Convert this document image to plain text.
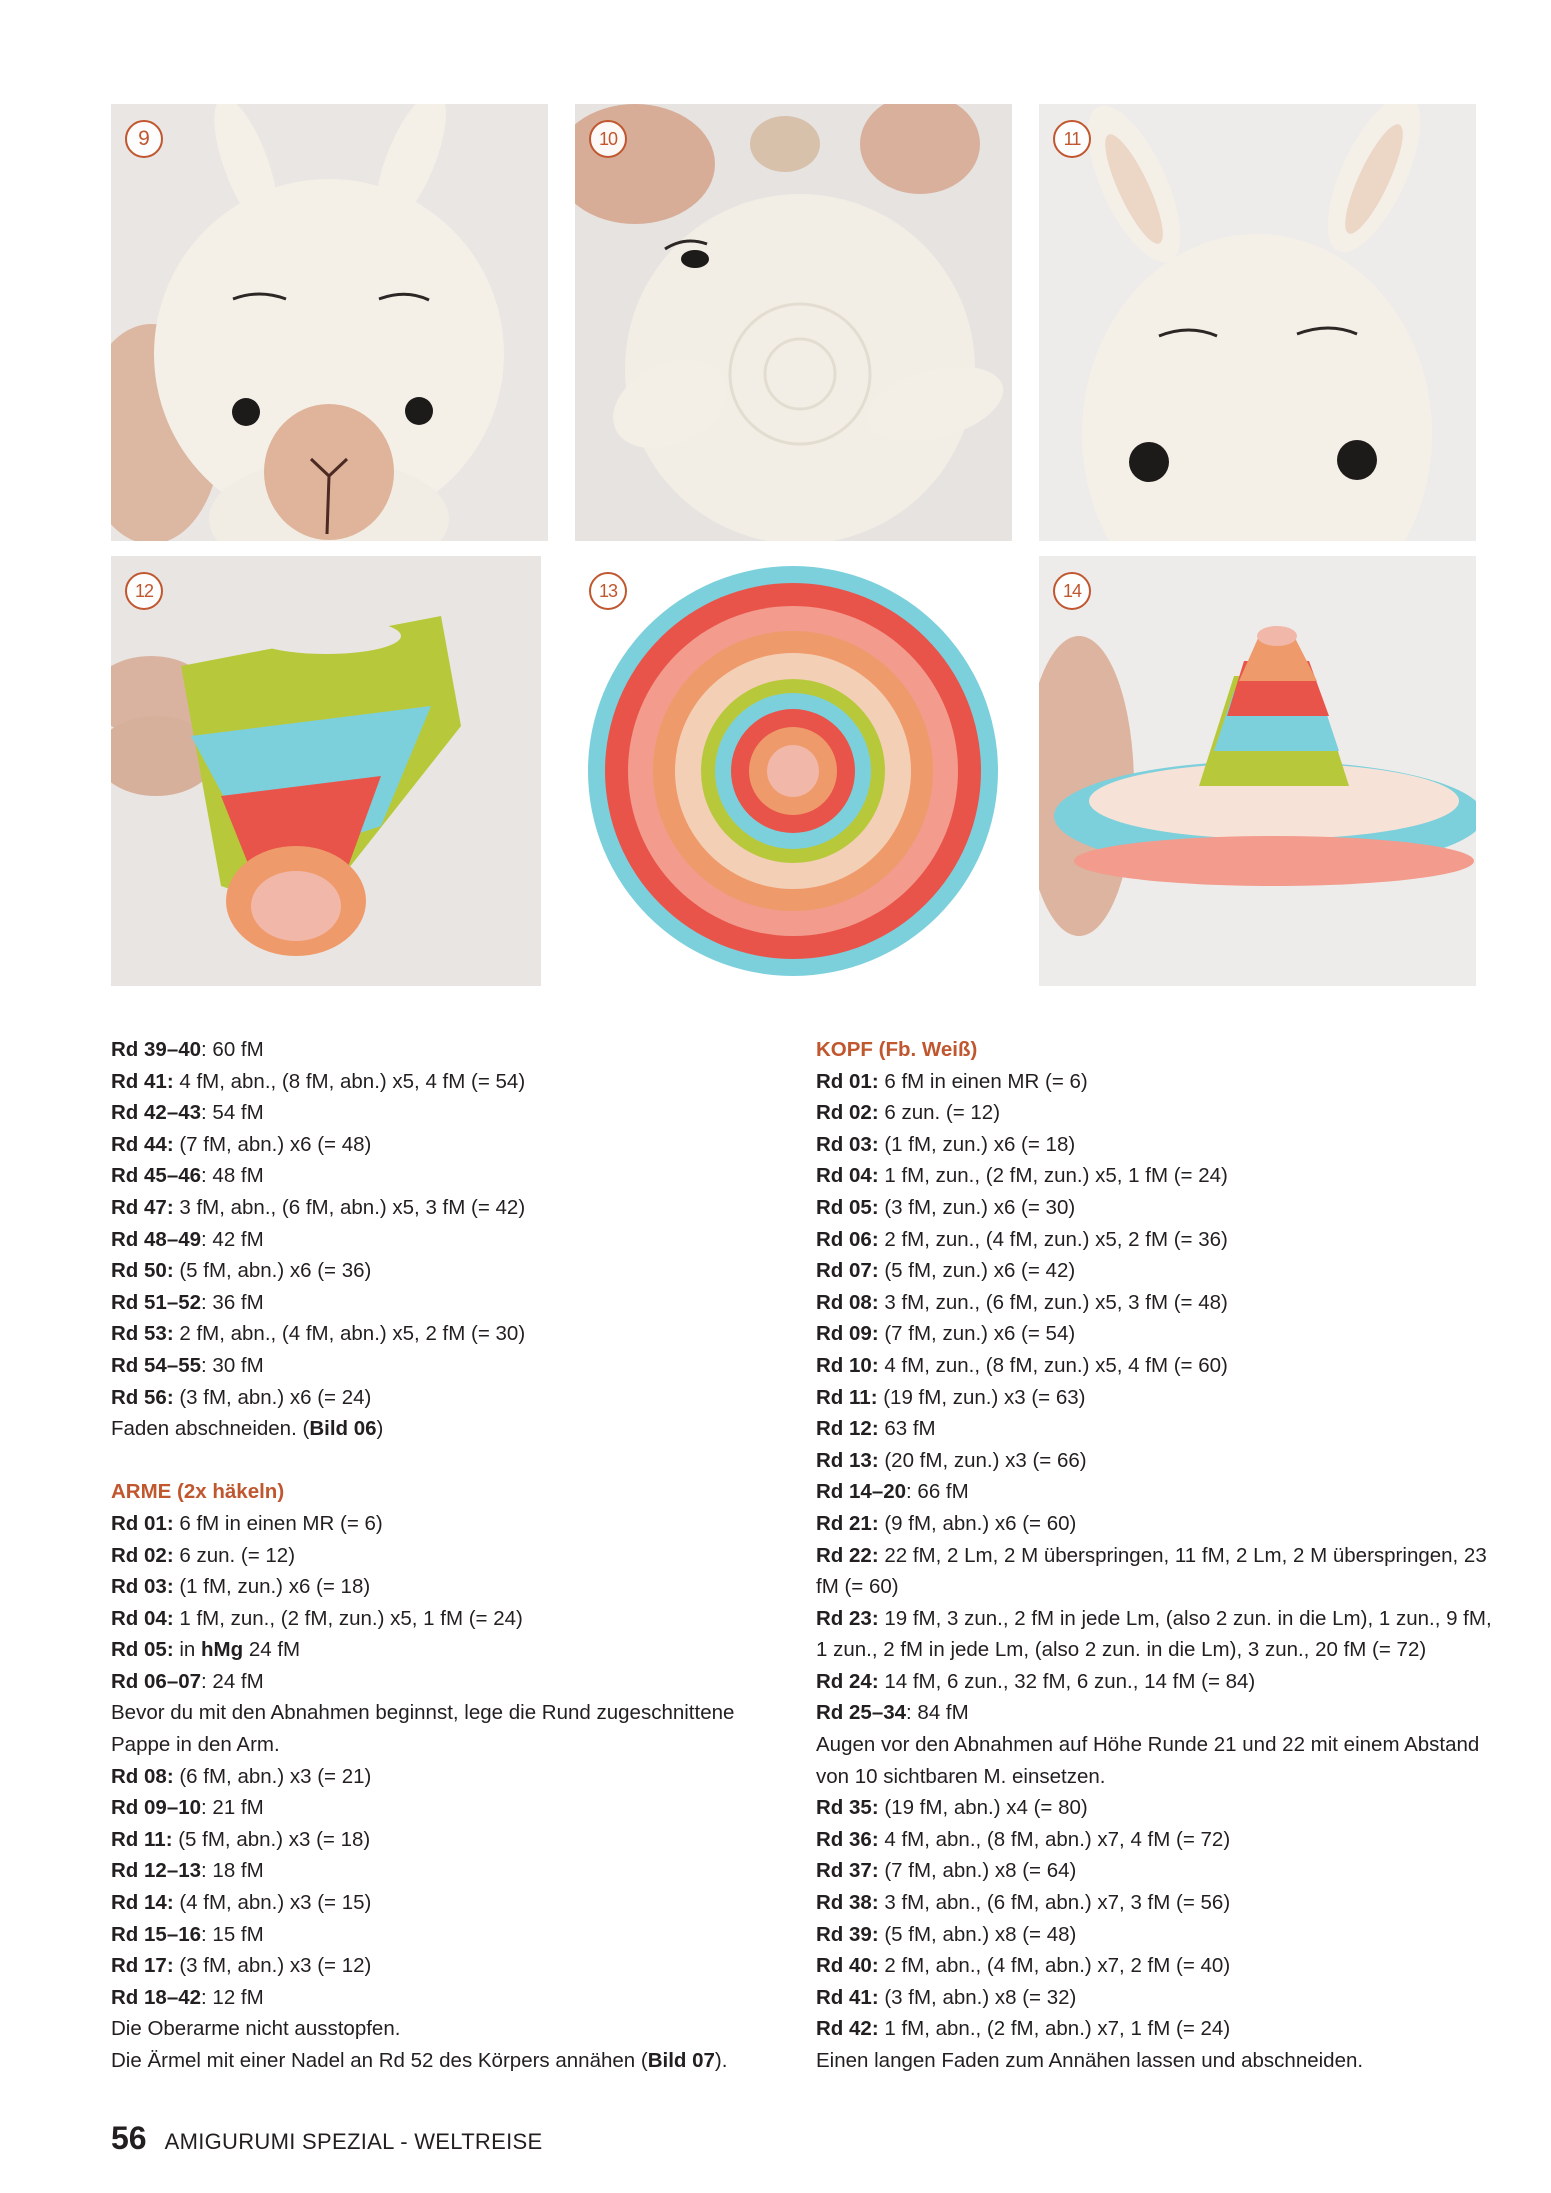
9	10	11
12	13	14
Rd 39–40: 60 fM
Rd 41: 4 fM, abn., (8 fM, abn.) x5, 4 fM (= 54)
Rd 42–43: 54 fM
Rd 44: (7 fM, abn.) x6 (= 48)
Rd 45–46: 48 fM
Rd 47: 3 fM, abn., (6 fM, abn.) x5, 3 fM (= 42)
Rd 48–49: 42 fM
Rd 50: (5 fM, abn.) x6 (= 36)
Rd 51–52: 36 fM
Rd 53: 2 fM, abn., (4 fM, abn.) x5, 2 fM (= 30)
Rd 54–55: 30 fM
Rd 56: (3 fM, abn.) x6 (= 24)
Faden abschneiden. (Bild 06)
ARME (2x häkeln)
Rd 01: 6 fM in einen MR (= 6)
Rd 02: 6 zun. (= 12)
Rd 03: (1 fM, zun.) x6 (= 18)
Rd 04: 1 fM, zun., (2 fM, zun.) x5, 1 fM (= 24)
Rd 05: in hMg 24 fM
Rd 06–07: 24 fM
Bevor du mit den Abnahmen beginnst, lege die Rund zugeschnittene Pappe in den Arm.
Rd 08: (6 fM, abn.) x3 (= 21)
Rd 09–10: 21 fM
Rd 11: (5 fM, abn.) x3 (= 18)
Rd 12–13: 18 fM
Rd 14: (4 fM, abn.) x3 (= 15)
Rd 15–16: 15 fM
Rd 17: (3 fM, abn.) x3 (= 12)
Rd 18–42: 12 fM
Die Oberarme nicht ausstopfen.
Die Ärmel mit einer Nadel an Rd 52 des Körpers annähen (Bild 07).
KOPF (Fb. Weiß)
Rd 01: 6 fM in einen MR (= 6)
Rd 02: 6 zun. (= 12)
Rd 03: (1 fM, zun.) x6 (= 18)
Rd 04: 1 fM, zun., (2 fM, zun.) x5, 1 fM (= 24)
Rd 05: (3 fM, zun.) x6 (= 30)
Rd 06: 2 fM, zun., (4 fM, zun.) x5, 2 fM (= 36)
Rd 07: (5 fM, zun.) x6 (= 42)
Rd 08: 3 fM, zun., (6 fM, zun.) x5, 3 fM (= 48)
Rd 09: (7 fM, zun.) x6 (= 54)
Rd 10: 4 fM, zun., (8 fM, zun.) x5, 4 fM (= 60)
Rd 11: (19 fM, zun.) x3 (= 63)
Rd 12: 63 fM
Rd 13: (20 fM, zun.) x3 (= 66)
Rd 14–20: 66 fM
Rd 21: (9 fM, abn.) x6 (= 60)
Rd 22: 22 fM, 2 Lm, 2 M überspringen, 11 fM, 2 Lm, 2 M überspringen, 23 fM (= 60)
Rd 23: 19 fM, 3 zun., 2 fM in jede Lm, (also 2 zun. in die Lm), 1 zun., 9 fM, 1 zun., 2 fM in jede Lm, (also 2 zun. in die Lm), 3 zun., 20 fM (= 72)
Rd 24: 14 fM, 6 zun., 32 fM, 6 zun., 14 fM (= 84)
Rd 25–34: 84 fM
Augen vor den Abnahmen auf Höhe Runde 21 und 22 mit einem Abstand von 10 sichtbaren M. einsetzen.
Rd 35: (19 fM, abn.) x4 (= 80)
Rd 36: 4 fM, abn., (8 fM, abn.) x7, 4 fM (= 72)
Rd 37: (7 fM, abn.) x8 (= 64)
Rd 38: 3 fM, abn., (6 fM, abn.) x7, 3 fM (= 56)
Rd 39: (5 fM, abn.) x8 (= 48)
Rd 40: 2 fM, abn., (4 fM, abn.) x7, 2 fM (= 40)
Rd 41: (3 fM, abn.) x8 (= 32)
Rd 42: 1 fM, abn., (2 fM, abn.) x7, 1 fM (= 24)
Einen langen Faden zum Annähen lassen und abschneiden.
56 AMIGURUMI SPEZIAL - WELTREISE
